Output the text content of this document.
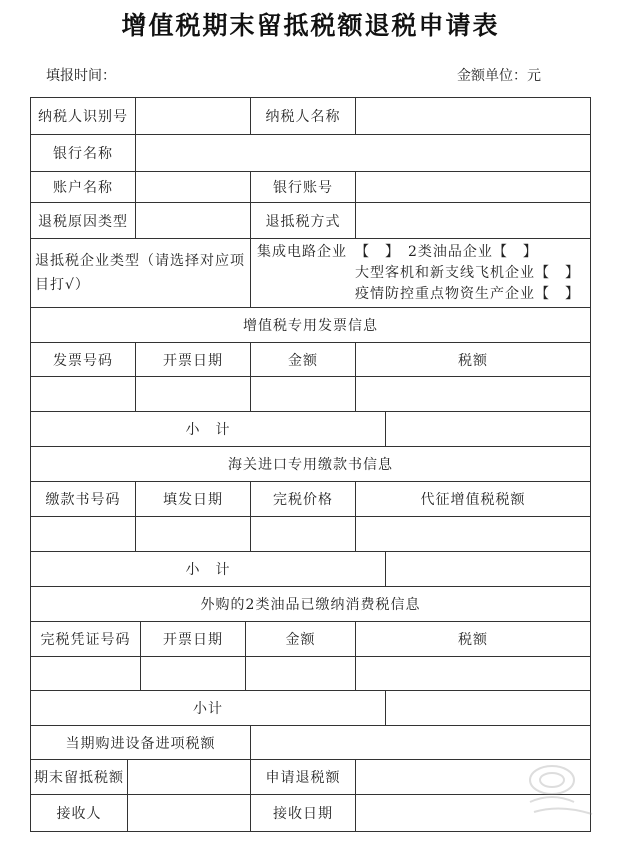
增值税期末留抵税额退税申请表
填报时间：	金额单位：元
纳税人识别号	纳税人名称
银行名称
账户名称	银行账号
退税原因类型	退抵税方式
退抵税企业类型（请选择对应项目打√）
集成电路企业　【　】　2类油品企业【　】
大型客机和新支线飞机企业【　】
疫情防控重点物资生产企业【　】
增值税专用发票信息
发票号码	开票日期	金额	税额
小　计
海关进口专用缴款书信息
缴款书号码	填发日期	完税价格	代征增值税税额
小　计
外购的2类油品已缴纳消费税信息
完税凭证号码	开票日期	金额	税额
小计
当期购进设备进项税额
期末留抵税额	申请退税额
接收人	接收日期
